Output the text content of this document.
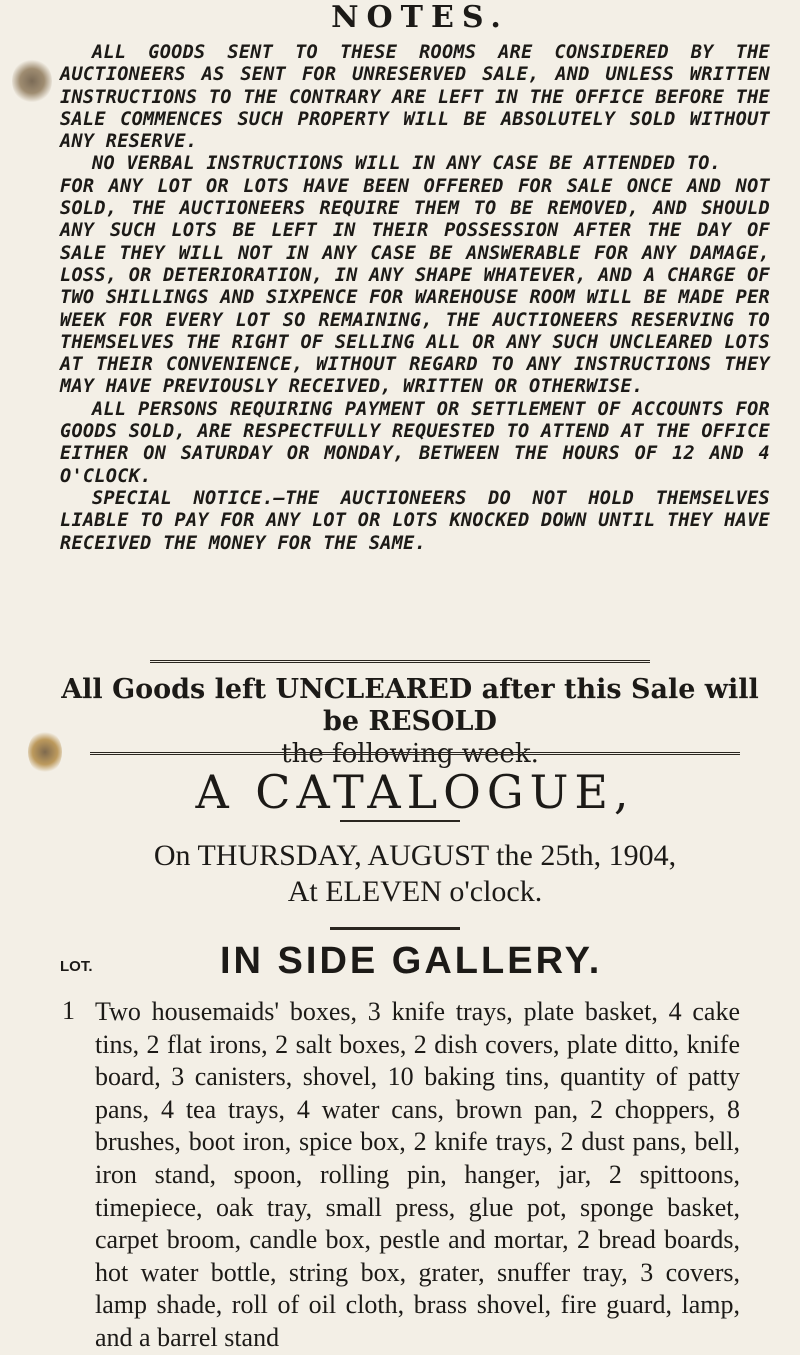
NOTES.

ALL GOODS SENT TO THESE ROOMS ARE CONSIDERED BY THE AUCTIONEERS AS SENT FOR UNRESERVED SALE, AND UNLESS WRITTEN INSTRUCTIONS TO THE CONTRARY ARE LEFT IN THE OFFICE BEFORE THE SALE COMMENCES SUCH PROPERTY WILL BE ABSOLUTELY SOLD WITHOUT ANY RESERVE.

NO VERBAL INSTRUCTIONS WILL IN ANY CASE BE ATTENDED TO.

FOR ANY LOT OR LOTS HAVE BEEN OFFERED FOR SALE ONCE AND NOT SOLD, THE AUCTIONEERS REQUIRE THEM TO BE REMOVED, AND SHOULD ANY SUCH LOTS BE LEFT IN THEIR POSSESSION AFTER THE DAY OF SALE THEY WILL NOT IN ANY CASE BE ANSWERABLE FOR ANY DAMAGE, LOSS, OR DETERIORATION, IN ANY SHAPE WHATEVER, AND A CHARGE OF TWO SHILLINGS AND SIXPENCE FOR WAREHOUSE ROOM WILL BE MADE PER WEEK FOR EVERY LOT SO REMAINING, THE AUCTIONEERS RESERVING TO THEMSELVES THE RIGHT OF SELLING ALL OR ANY SUCH UNCLEARED LOTS AT THEIR CONVENIENCE, WITHOUT REGARD TO ANY INSTRUCTIONS THEY MAY HAVE PREVIOUSLY RECEIVED, WRITTEN OR OTHERWISE.

ALL PERSONS REQUIRING PAYMENT OR SETTLEMENT OF ACCOUNTS FOR GOODS SOLD, ARE RESPECTFULLY REQUESTED TO ATTEND AT THE OFFICE EITHER ON SATURDAY OR MONDAY, BETWEEN THE HOURS OF 12 AND 4 O'CLOCK.

SPECIAL NOTICE.—THE AUCTIONEERS DO NOT HOLD THEMSELVES LIABLE TO PAY FOR ANY LOT OR LOTS KNOCKED DOWN UNTIL THEY HAVE RECEIVED THE MONEY FOR THE SAME.

All Goods left UNCLEARED after this Sale will be RESOLD
the following week.
A CATALOGUE,
On THURSDAY, AUGUST the 25th, 1904,
At ELEVEN o'clock.
LOT.	IN SIDE GALLERY.
1 Two housemaids' boxes, 3 knife trays, plate basket, 4 cake tins, 2 flat irons, 2 salt boxes, 2 dish covers, plate ditto, knife board, 3 canisters, shovel, 10 baking tins, quantity of patty pans, 4 tea trays, 4 water cans, brown pan, 2 choppers, 8 brushes, boot iron, spice box, 2 knife trays, 2 dust pans, bell, iron stand, spoon, rolling pin, hanger, jar, 2 spittoons, timepiece, oak tray, small press, glue pot, sponge basket, carpet broom, candle box, pestle and mortar, 2 bread boards, hot water bottle, string box, grater, snuffer tray, 3 covers, lamp shade, roll of oil cloth, brass shovel, fire guard, lamp, and a barrel stand
